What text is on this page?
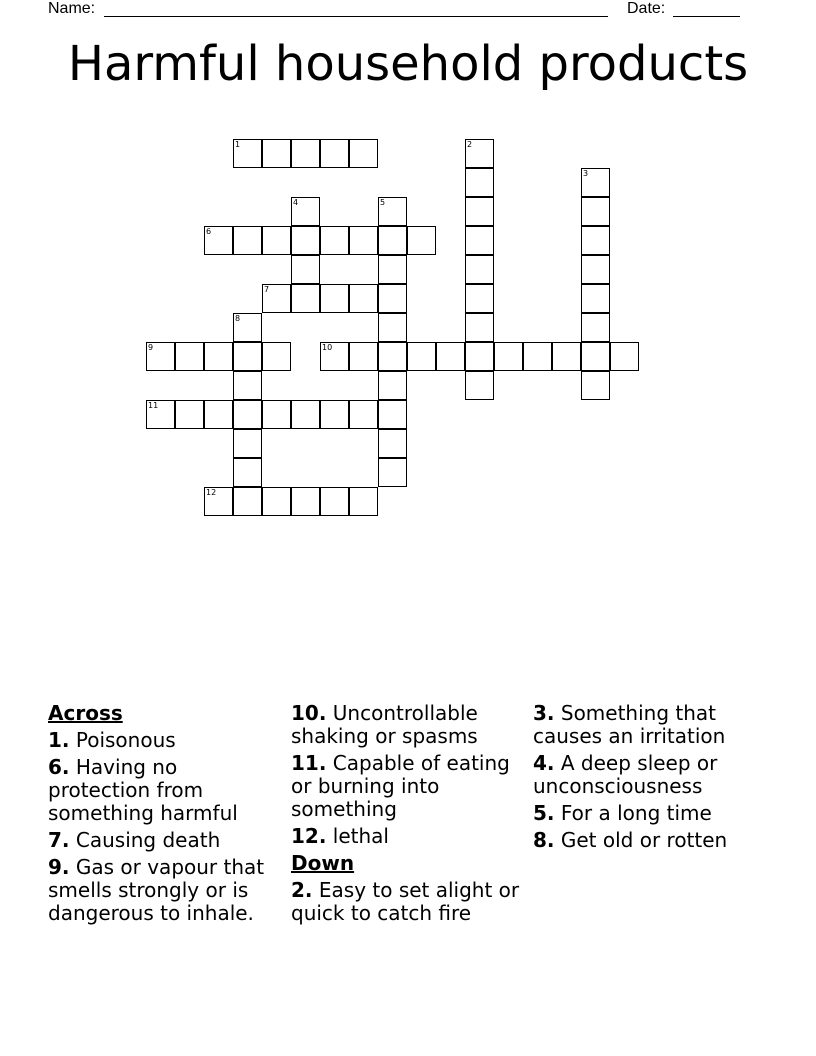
Name:	Date:
Harmful household products
1	2
3
4	5
6
7
8
9	10
11
12
Across
1. Poisonous
6. Having no protection from something harmful
7. Causing death
9. Gas or vapour that smells strongly or is dangerous to inhale.
10. Uncontrollable shaking or spasms
11. Capable of eating or burning into something
12. lethal
Down
2. Easy to set alight or quick to catch fire
3. Something that causes an irritation
4. A deep sleep or unconsciousness
5. For a long time
8. Get old or rotten
